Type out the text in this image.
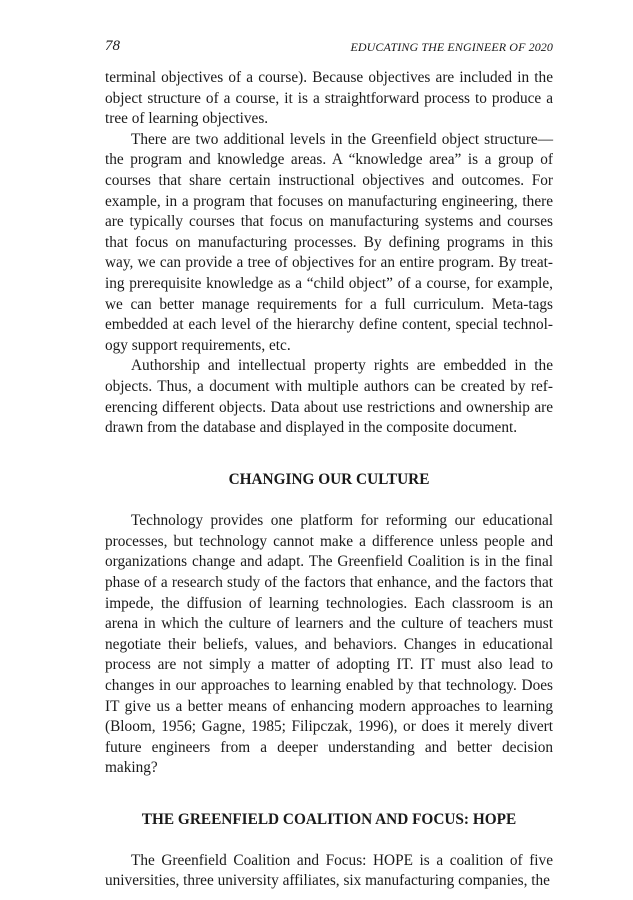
78	EDUCATING THE ENGINEER OF 2020

terminal objectives of a course). Because objectives are included in the object structure of a course, it is a straightforward process to produce a tree of learning objectives.

There are two additional levels in the Greenfield object structure— the program and knowledge areas. A “knowledge area” is a group of courses that share certain instructional objectives and outcomes. For example, in a program that focuses on manufacturing engineering, there are typically courses that focus on manufacturing systems and courses that focus on manufacturing processes. By defining programs in this way, we can provide a tree of objectives for an entire program. By treating prerequisite knowledge as a “child object” of a course, for example, we can better manage requirements for a full curriculum. Meta-tags embedded at each level of the hierarchy define content, special technology support requirements, etc.

Authorship and intellectual property rights are embedded in the objects. Thus, a document with multiple authors can be created by referencing different objects. Data about use restrictions and ownership are drawn from the database and displayed in the composite document.

CHANGING OUR CULTURE

Technology provides one platform for reforming our educational processes, but technology cannot make a difference unless people and organizations change and adapt. The Greenfield Coalition is in the final phase of a research study of the factors that enhance, and the factors that impede, the diffusion of learning technologies. Each classroom is an arena in which the culture of learners and the culture of teachers must negotiate their beliefs, values, and behaviors. Changes in educational process are not simply a matter of adopting IT. IT must also lead to changes in our approaches to learning enabled by that technology. Does IT give us a better means of enhancing modern approaches to learning (Bloom, 1956; Gagne, 1985; Filipczak, 1996), or does it merely divert future engineers from a deeper understanding and better decision making?

THE GREENFIELD COALITION AND FOCUS: HOPE

The Greenfield Coalition and Focus: HOPE is a coalition of five universities, three university affiliates, six manufacturing companies, the
